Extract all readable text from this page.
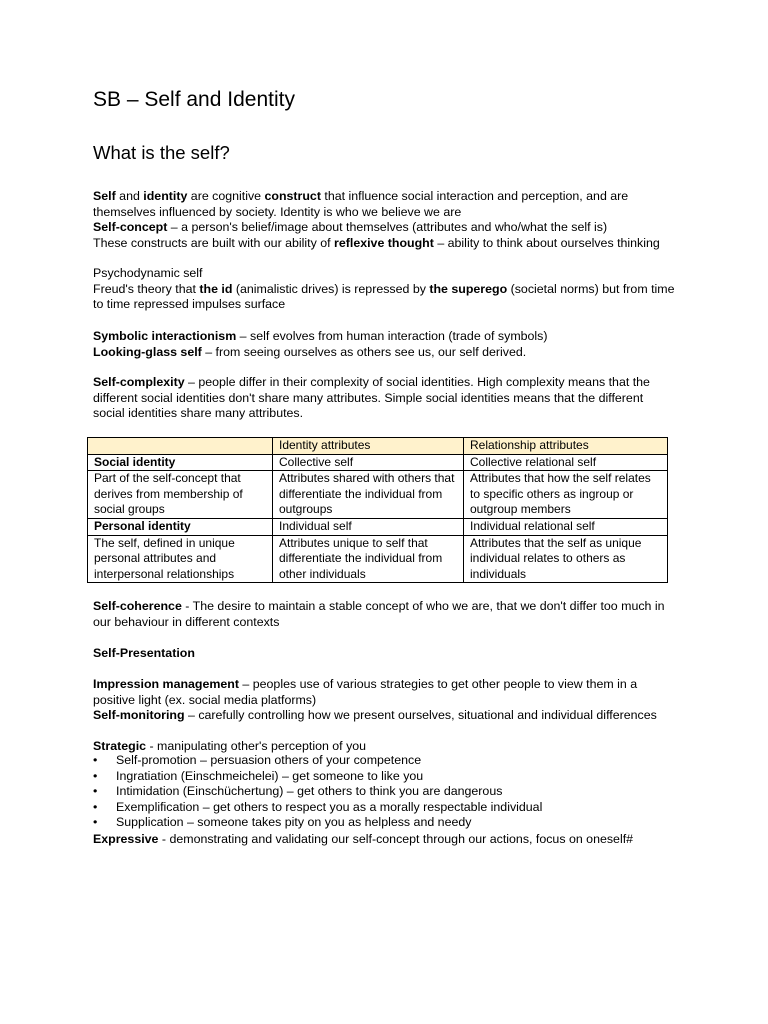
SB – Self and Identity
What is the self?

Self and identity are cognitive construct that influence social interaction and perception, and are themselves influenced by society. Identity is who we believe we are
Self-concept – a person's belief/image about themselves (attributes and who/what the self is)
These constructs are built with our ability of reflexive thought – ability to think about ourselves thinking

Psychodynamic self
Freud's theory that the id (animalistic drives) is repressed by the superego (societal norms) but from time to time repressed impulses surface

Symbolic interactionism – self evolves from human interaction (trade of symbols)
Looking-glass self – from seeing ourselves as others see us, our self derived.

Self-complexity – people differ in their complexity of social identities. High complexity means that the different social identities don't share many attributes. Simple social identities means that the different social identities share many attributes.

	Identity attributes	Relationship attributes
Social identity	Collective self	Collective relational self
Part of the self-concept that derives from membership of social groups	Attributes shared with others that differentiate the individual from outgroups	Attributes that how the self relates to specific others as ingroup or outgroup members
Personal identity	Individual self	Individual relational self
The self, defined in unique personal attributes and interpersonal relationships	Attributes unique to self that differentiate the individual from other individuals	Attributes that the self as unique individual relates to others as individuals

Self-coherence - The desire to maintain a stable concept of who we are, that we don't differ too much in our behaviour in different contexts

Self-Presentation

Impression management – peoples use of various strategies to get other people to view them in a positive light (ex. social media platforms)
Self-monitoring – carefully controlling how we present ourselves, situational and individual differences

Strategic - manipulating other's perception of you

• Self-promotion – persuasion others of your competence
• Ingratiation (Einschmeichelei) – get someone to like you
• Intimidation (Einschüchertung) – get others to think you are dangerous
• Exemplification – get others to respect you as a morally respectable individual
• Supplication – someone takes pity on you as helpless and needy

Expressive - demonstrating and validating our self-concept through our actions, focus on oneself#
